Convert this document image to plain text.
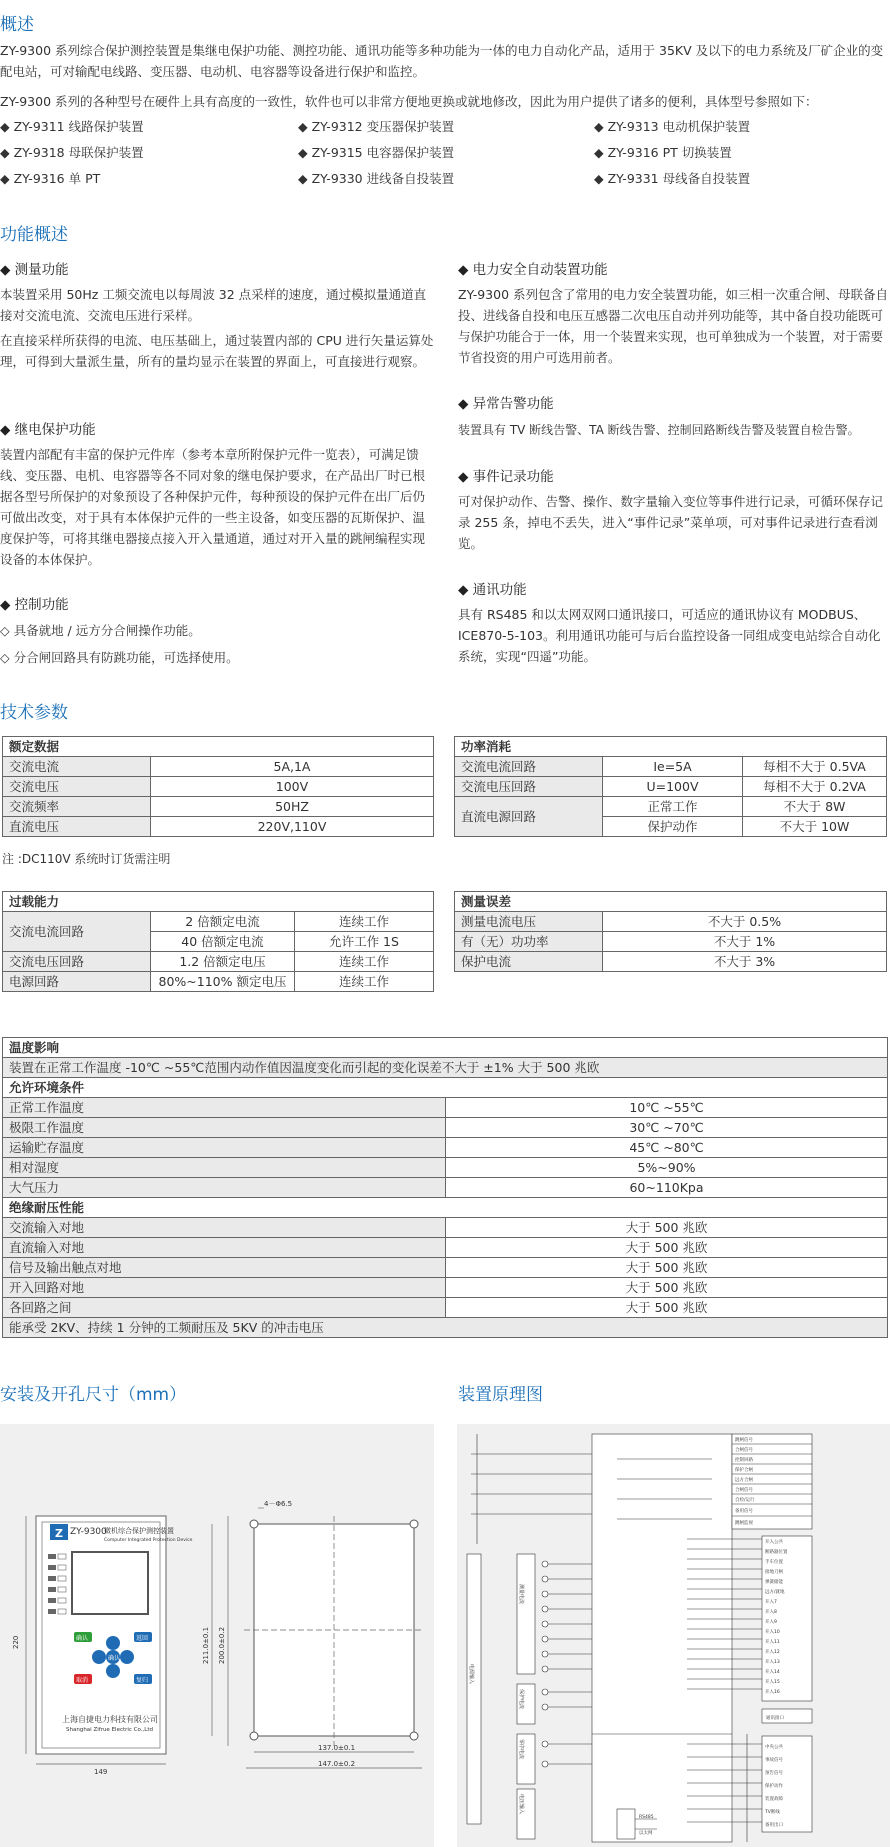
概述
ZY-9300 系列综合保护测控装置是集继电保护功能、测控功能、通讯功能等多种功能为一体的电力自动化产品，适用于 35KV 及以下的电力系统及厂矿企业的变配电站，可对输配电线路、变压器、电动机、电容器等设备进行保护和监控。
ZY-9300 系列的各种型号在硬件上具有高度的一致性，软件也可以非常方便地更换或就地修改，因此为用户提供了诸多的便利，具体型号参照如下：
◆ ZY-9311 线路保护装置	◆ ZY-9312 变压器保护装置	◆ ZY-9313 电动机保护装置
◆ ZY-9318 母联保护装置	◆ ZY-9315 电容器保护装置	◆ ZY-9316 PT 切换装置
◆ ZY-9316 单 PT	◆ ZY-9330 进线备自投装置	◆ ZY-9331 母线备自投装置
功能概述
◆ 测量功能
本装置采用 50Hz 工频交流电以每周波 32 点采样的速度，通过模拟量通道直接对交流电流、交流电压进行采样。
在直接采样所获得的电流、电压基础上，通过装置内部的 CPU 进行矢量运算处理，可得到大量派生量，所有的量均显示在装置的界面上，可直接进行观察。
◆ 继电保护功能
装置内部配有丰富的保护元件库（参考本章所附保护元件一览表），可满足馈线、变压器、电机、电容器等各不同对象的继电保护要求，在产品出厂时已根据各型号所保护的对象预设了各种保护元件，每种预设的保护元件在出厂后仍可做出改变，对于具有本体保护元件的一些主设备，如变压器的瓦斯保护、温度保护等，可将其继电器接点接入开入量通道，通过对开入量的跳闸编程实现设备的本体保护。
◆ 控制功能
◇ 具备就地 / 远方分合闸操作功能。
◇ 分合闸回路具有防跳功能，可选择使用。
◆ 电力安全自动装置功能
ZY-9300 系列包含了常用的电力安全装置功能，如三相一次重合闸、母联备自投、进线备自投和电压互感器二次电压自动并列功能等，其中备自投功能既可与保护功能合于一体，用一个装置来实现，也可单独成为一个装置，对于需要节省投资的用户可选用前者。
◆ 异常告警功能
装置具有 TV 断线告警、TA 断线告警、控制回路断线告警及装置自检告警。
◆ 事件记录功能
可对保护动作、告警、操作、数字量输入变位等事件进行记录，可循环保存记录 255 条，掉电不丢失，进入“事件记录”菜单项，可对事件记录进行查看浏览。
◆ 通讯功能
具有 RS485 和以太网双网口通讯接口，可适应的通讯协议有 MODBUS、ICE870-5-103。利用通讯功能可与后台监控设备一同组成变电站综合自动化系统，实现“四遥”功能。
技术参数
额定数据	
交流电流	5A,1A
交流电压	100V
交流频率	50HZ
直流电压	220V,110V
功率消耗		
交流电流回路	Ie=5A	每相不大于 0.5VA
交流电压回路	U=100V	每相不大于 0.2VA
直流电源回路	正常工作	不大于 8W
	保护动作	不大于 10W
注 :DC110V 系统时订货需注明
过载能力		
交流电流回路	2 倍额定电流	连续工作
	40 倍额定电流	允许工作 1S
交流电压回路	1.2 倍额定电压	连续工作
电源回路	80%~110% 额定电压	连续工作
测量误差	
测量电流电压	不大于 0.5%
有（无）功功率	不大于 1%
保护电流	不大于 3%
温度影响	
装置在正常工作温度 -10℃ ~55℃范围内动作值因温度变化而引起的变化误差不大于 ±1% 大于 500 兆欧	
允许环境条件	
正常工作温度	10℃ ~55℃
极限工作温度	30℃ ~70℃
运输贮存温度	45℃ ~80℃
相对湿度	5%~90%
大气压力	60~110Kpa
绝缘耐压性能	
交流输入对地	大于 500 兆欧
直流输入对地	大于 500 兆欧
信号及输出触点对地	大于 500 兆欧
开入回路对地	大于 500 兆欧
各回路之间	大于 500 兆欧
能承受 2KV、持续 1 分钟的工频耐压及 5KV 的冲击电压	
安装及开孔尺寸（mm）
Z ZY-9300
微机综合保护测控装置
Computer Integrated Protection Device
确认	返回
取消	复归
确认
上海自捷电力科技有限公司
Shanghai Zifrue Electric Co.,Ltd
220
149
4－Φ6.5
211.0±0.1 200.0±0.2
137.0±0.1
147.0±0.2
装置原理图
跳闸信号
合闸信号
控制回路
保护合闸
远方合闸
合闸信号
自检/运行
备用信号
跳闸监视
开入公共
断路器位置
手车位置
接地刀闸
弹簧储能
远方/就地
开入7
开入8
开入9
开入10
开入11
开入12
开入13
开入14
开入15
开入16
中央公共
事故信号
预告信号
保护动作
装置故障
TV断线
备用出口
通讯接口
RS485
以太网
测量电流
保护电流
零序电流
电压输入
电源输入
